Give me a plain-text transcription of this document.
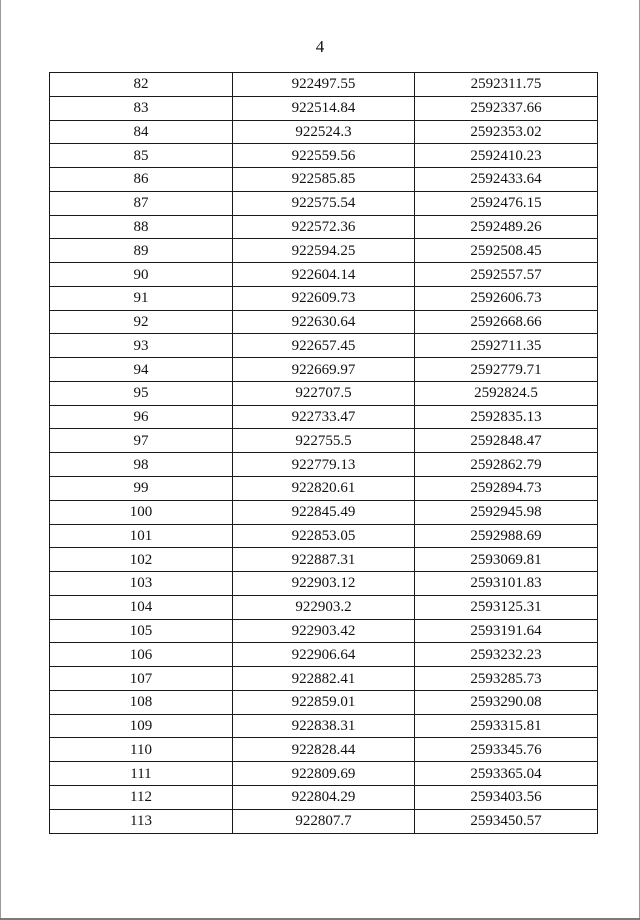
4
82	922497.55	2592311.75
83	922514.84	2592337.66
84	922524.3	2592353.02
85	922559.56	2592410.23
86	922585.85	2592433.64
87	922575.54	2592476.15
88	922572.36	2592489.26
89	922594.25	2592508.45
90	922604.14	2592557.57
91	922609.73	2592606.73
92	922630.64	2592668.66
93	922657.45	2592711.35
94	922669.97	2592779.71
95	922707.5	2592824.5
96	922733.47	2592835.13
97	922755.5	2592848.47
98	922779.13	2592862.79
99	922820.61	2592894.73
100	922845.49	2592945.98
101	922853.05	2592988.69
102	922887.31	2593069.81
103	922903.12	2593101.83
104	922903.2	2593125.31
105	922903.42	2593191.64
106	922906.64	2593232.23
107	922882.41	2593285.73
108	922859.01	2593290.08
109	922838.31	2593315.81
110	922828.44	2593345.76
111	922809.69	2593365.04
112	922804.29	2593403.56
113	922807.7	2593450.57
